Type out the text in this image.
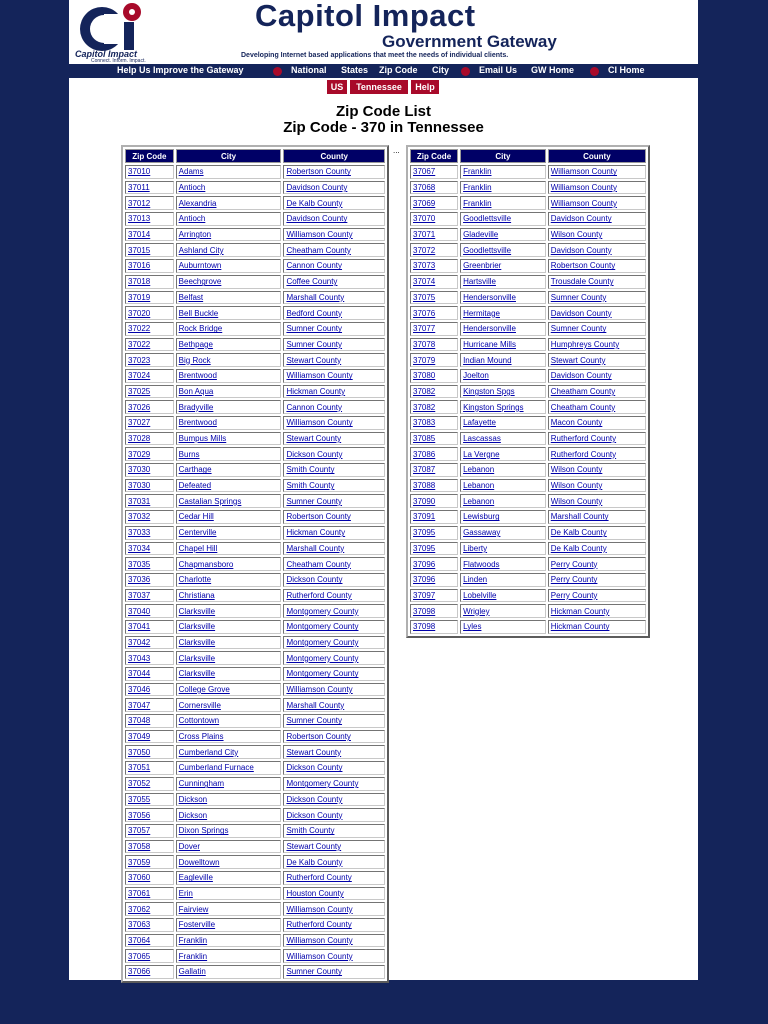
Capitol Impact
Connect. Inform. Impact.
Capitol Impact
Government Gateway
Developing Internet based applications that meet the needs of individual clients.
Help Us Improve the Gateway	National States Zip Code City	Email Us GW Home	CI Home
US	Tennessee	Help
Zip Code List
Zip Code - 370 in Tennessee
Zip Code	City	County
37010	Adams	Robertson County
37011	Antioch	Davidson County
37012	Alexandria	De Kalb County
37013	Antioch	Davidson County
37014	Arrington	Williamson County
37015	Ashland City	Cheatham County
37016	Auburntown	Cannon County
37018	Beechgrove	Coffee County
37019	Belfast	Marshall County
37020	Bell Buckle	Bedford County
37022	Rock Bridge	Sumner County
37022	Bethpage	Sumner County
37023	Big Rock	Stewart County
37024	Brentwood	Williamson County
37025	Bon Aqua	Hickman County
37026	Bradyville	Cannon County
37027	Brentwood	Williamson County
37028	Bumpus Mills	Stewart County
37029	Burns	Dickson County
37030	Carthage	Smith County
37030	Defeated	Smith County
37031	Castalian Springs	Sumner County
37032	Cedar Hill	Robertson County
37033	Centerville	Hickman County
37034	Chapel Hill	Marshall County
37035	Chapmansboro	Cheatham County
37036	Charlotte	Dickson County
37037	Christiana	Rutherford County
37040	Clarksville	Montgomery County
37041	Clarksville	Montgomery County
37042	Clarksville	Montgomery County
37043	Clarksville	Montgomery County
37044	Clarksville	Montgomery County
37046	College Grove	Williamson County
37047	Cornersville	Marshall County
37048	Cottontown	Sumner County
37049	Cross Plains	Robertson County
37050	Cumberland City	Stewart County
37051	Cumberland Furnace	Dickson County
37052	Cunningham	Montgomery County
37055	Dickson	Dickson County
37056	Dickson	Dickson County
37057	Dixon Springs	Smith County
37058	Dover	Stewart County
37059	Dowelltown	De Kalb County
37060	Eagleville	Rutherford County
37061	Erin	Houston County
37062	Fairview	Williamson County
37063	Fosterville	Rutherford County
37064	Franklin	Williamson County
37065	Franklin	Williamson County
37066	Gallatin	Sumner County
...
Zip Code	City	County
37067	Franklin	Williamson County
37068	Franklin	Williamson County
37069	Franklin	Williamson County
37070	Goodlettsville	Davidson County
37071	Gladeville	Wilson County
37072	Goodlettsville	Davidson County
37073	Greenbrier	Robertson County
37074	Hartsville	Trousdale County
37075	Hendersonville	Sumner County
37076	Hermitage	Davidson County
37077	Hendersonville	Sumner County
37078	Hurricane Mills	Humphreys County
37079	Indian Mound	Stewart County
37080	Joelton	Davidson County
37082	Kingston Spgs	Cheatham County
37082	Kingston Springs	Cheatham County
37083	Lafayette	Macon County
37085	Lascassas	Rutherford County
37086	La Vergne	Rutherford County
37087	Lebanon	Wilson County
37088	Lebanon	Wilson County
37090	Lebanon	Wilson County
37091	Lewisburg	Marshall County
37095	Gassaway	De Kalb County
37095	Liberty	De Kalb County
37096	Flatwoods	Perry County
37096	Linden	Perry County
37097	Lobelville	Perry County
37098	Wrigley	Hickman County
37098	Lyles	Hickman County
